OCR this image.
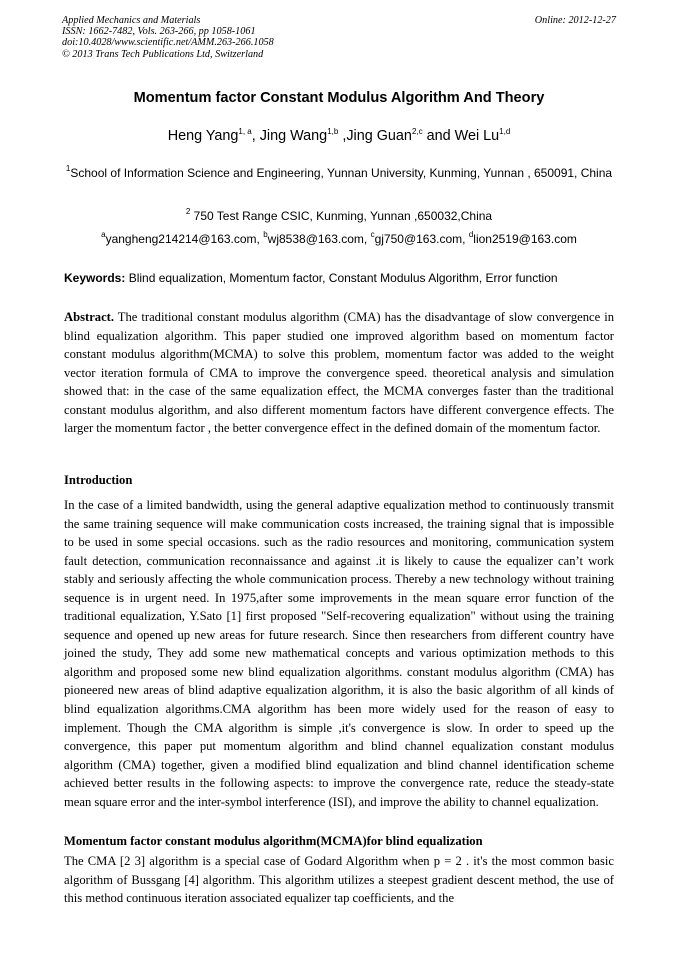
Applied Mechanics and Materials
ISSN: 1662-7482, Vols. 263-266, pp 1058-1061
doi:10.4028/www.scientific.net/AMM.263-266.1058
© 2013 Trans Tech Publications Ltd, Switzerland
Online: 2012-12-27
Momentum factor Constant Modulus Algorithm And Theory
Heng Yang$^{1, a}$, Jing Wang$^{1,b}$ ,Jing Guan$^{2,c}$ and Wei Lu$^{1,d}$
$^1$School of Information Science and Engineering, Yunnan University, Kunming, Yunnan , 650091, China
$^2$ 750 Test Range CSIC, Kunming, Yunnan ,650032,China
$^a$yangheng214214@163.com, $^b$wj8538@163.com, $^c$gj750@163.com, $^d$lion2519@163.com
Keywords: Blind equalization, Momentum factor, Constant Modulus Algorithm, Error function
Abstract. The traditional constant modulus algorithm (CMA) has the disadvantage of slow convergence in blind equalization algorithm. This paper studied one improved algorithm based on momentum factor constant modulus algorithm(MCMA) to solve this problem, momentum factor was added to the weight vector iteration formula of CMA to improve the convergence speed. theoretical analysis and simulation showed that: in the case of the same equalization effect, the MCMA converges faster than the traditional constant modulus algorithm, and also different momentum factors have different convergence effects. The larger the momentum factor , the better convergence effect in the defined domain of the momentum factor.
Introduction
In the case of a limited bandwidth, using the general adaptive equalization method to continuously transmit the same training sequence will make communication costs increased, the training signal that is impossible to be used in some special occasions. such as the radio resources and monitoring, communication system fault detection, communication reconnaissance and against .it is likely to cause the equalizer can’t work stably and seriously affecting the whole communication process. Thereby a new technology without training sequence is in urgent need. In 1975,after some improvements in the mean square error function of the traditional equalization, Y.Sato [1] first proposed "Self-recovering equalization" without using the training sequence and opened up new areas for future research. Since then researchers from different country have joined the study, They add some new mathematical concepts and various optimization methods to this algorithm and proposed some new blind equalization algorithms. constant modulus algorithm (CMA) has pioneered new areas of blind adaptive equalization algorithm, it is also the basic algorithm of all kinds of blind equalization algorithms.CMA algorithm has been more widely used for the reason of easy to implement. Though the CMA algorithm is simple ,it's convergence is slow. In order to speed up the convergence, this paper put momentum algorithm and blind channel equalization constant modulus algorithm (CMA) together, given a modified blind equalization and blind channel identification scheme achieved better results in the following aspects: to improve the convergence rate, reduce the steady-state mean square error and the inter-symbol interference (ISI), and improve the ability to channel equalization.
Momentum factor constant modulus algorithm(MCMA)for blind equalization
The CMA [2 3] algorithm is a special case of Godard Algorithm when p = 2 . it's the most common basic algorithm of Bussgang [4] algorithm. This algorithm utilizes a steepest gradient descent method, the use of this method continuous iteration associated equalizer tap coefficients, and the
